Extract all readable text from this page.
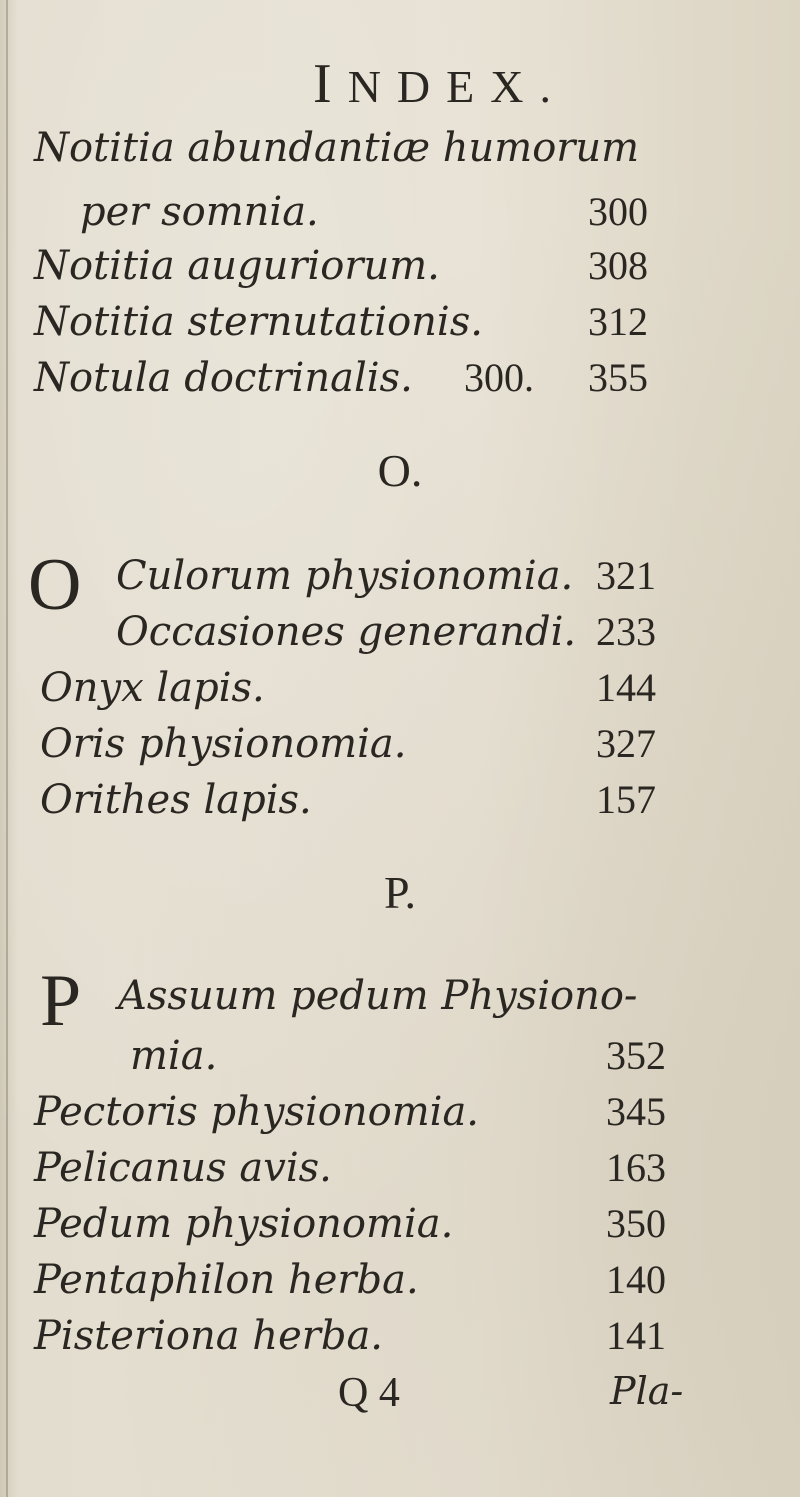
INDEX.
Notitia abundantiæ humorum
per somnia.	300
Notitia auguriorum.	308
Notitia sternutationis.	312
Notula doctrinalis. 300. 355
O.
O Culorum physionomia. 321
Occasiones generandi. 233
Onyx lapis.	144
Oris physionomia.	327
Orithes lapis.	157
P.
P Assuum pedum Physiono-
mia.	352
Pectoris physionomia.	345
Pelicanus avis.	163
Pedum physionomia.	350
Pentaphilon herba.	140
Pisteriona herba.	141
Q 4	Pla-
